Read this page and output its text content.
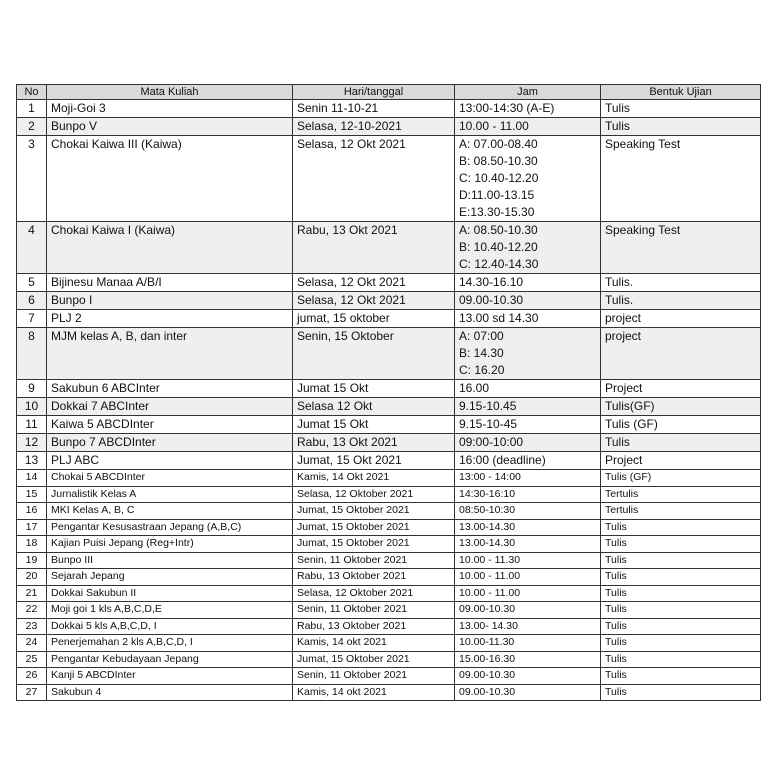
No	Mata Kuliah	Hari/tanggal	Jam	Bentuk Ujian
1	Moji-Goi 3	Senin 11-10-21	13:00-14:30 (A-E)	Tulis
2	Bunpo V	Selasa, 12-10-2021	10.00 - 11.00	Tulis
3	Chokai Kaiwa III (Kaiwa)	Selasa, 12 Okt 2021	A: 07.00-08.40
B: 08.50-10.30
C: 10.40-12.20
D:11.00-13.15
E:13.30-15.30	Speaking Test
4	Chokai Kaiwa I (Kaiwa)	Rabu, 13 Okt 2021	A: 08.50-10.30
B: 10.40-12.20
C: 12.40-14.30	Speaking Test
5	Bijinesu Manaa A/B/I	Selasa, 12 Okt 2021	14.30-16.10	Tulis.
6	Bunpo I	Selasa, 12 Okt 2021	09.00-10.30	Tulis.
7	PLJ 2	jumat, 15 oktober	13.00 sd 14.30	project
8	MJM kelas A, B, dan inter	Senin, 15 Oktober	A: 07:00
B: 14.30
C: 16.20	project
9	Sakubun 6 ABCInter	Jumat 15 Okt	16.00	Project
10	Dokkai 7 ABCInter	Selasa 12 Okt	9.15-10.45	Tulis(GF)
11	Kaiwa 5 ABCDInter	Jumat 15 Okt	9.15-10-45	Tulis (GF)
12	Bunpo 7 ABCDInter	Rabu, 13 Okt 2021	09:00-10:00	Tulis
13	PLJ ABC	Jumat, 15 Okt 2021	16:00 (deadline)	Project
14	Chokai 5 ABCDInter	Kamis, 14 Okt 2021	13:00 - 14:00	Tulis (GF)
15	Jurnalistik Kelas A	Selasa, 12 Oktober 2021	14:30-16:10	Tertulis
16	MKI Kelas A, B, C	Jumat, 15 Oktober 2021	08:50-10:30	Tertulis
17	Pengantar Kesusastraan Jepang (A,B,C)	Jumat, 15 Oktober 2021	13.00-14.30	Tulis
18	Kajian Puisi Jepang (Reg+Intr)	Jumat, 15 Oktober 2021	13.00-14.30	Tulis
19	Bunpo III	Senin, 11 Oktober 2021	10.00 - 11.30	Tulis
20	Sejarah Jepang	Rabu, 13 Oktober 2021	10.00 - 11.00	Tulis
21	Dokkai Sakubun II	Selasa, 12 Oktober 2021	10.00 - 11.00	Tulis
22	Moji goi 1 kls A,B,C,D,E	Senin, 11 Oktober 2021	09.00-10.30	Tulis
23	Dokkai 5 kls A,B,C,D, I	Rabu, 13 Oktober 2021	13.00- 14.30	Tulis
24	Penerjemahan 2 kls A,B,C,D, I	Kamis, 14 okt 2021	10.00-11.30	Tulis
25	Pengantar Kebudayaan Jepang	Jumat, 15 Oktober 2021	15.00-16.30	Tulis
26	Kanji 5 ABCDInter	Senin, 11 Oktober 2021	09.00-10.30	Tulis
27	Sakubun 4	Kamis, 14 okt 2021	09.00-10.30	Tulis
